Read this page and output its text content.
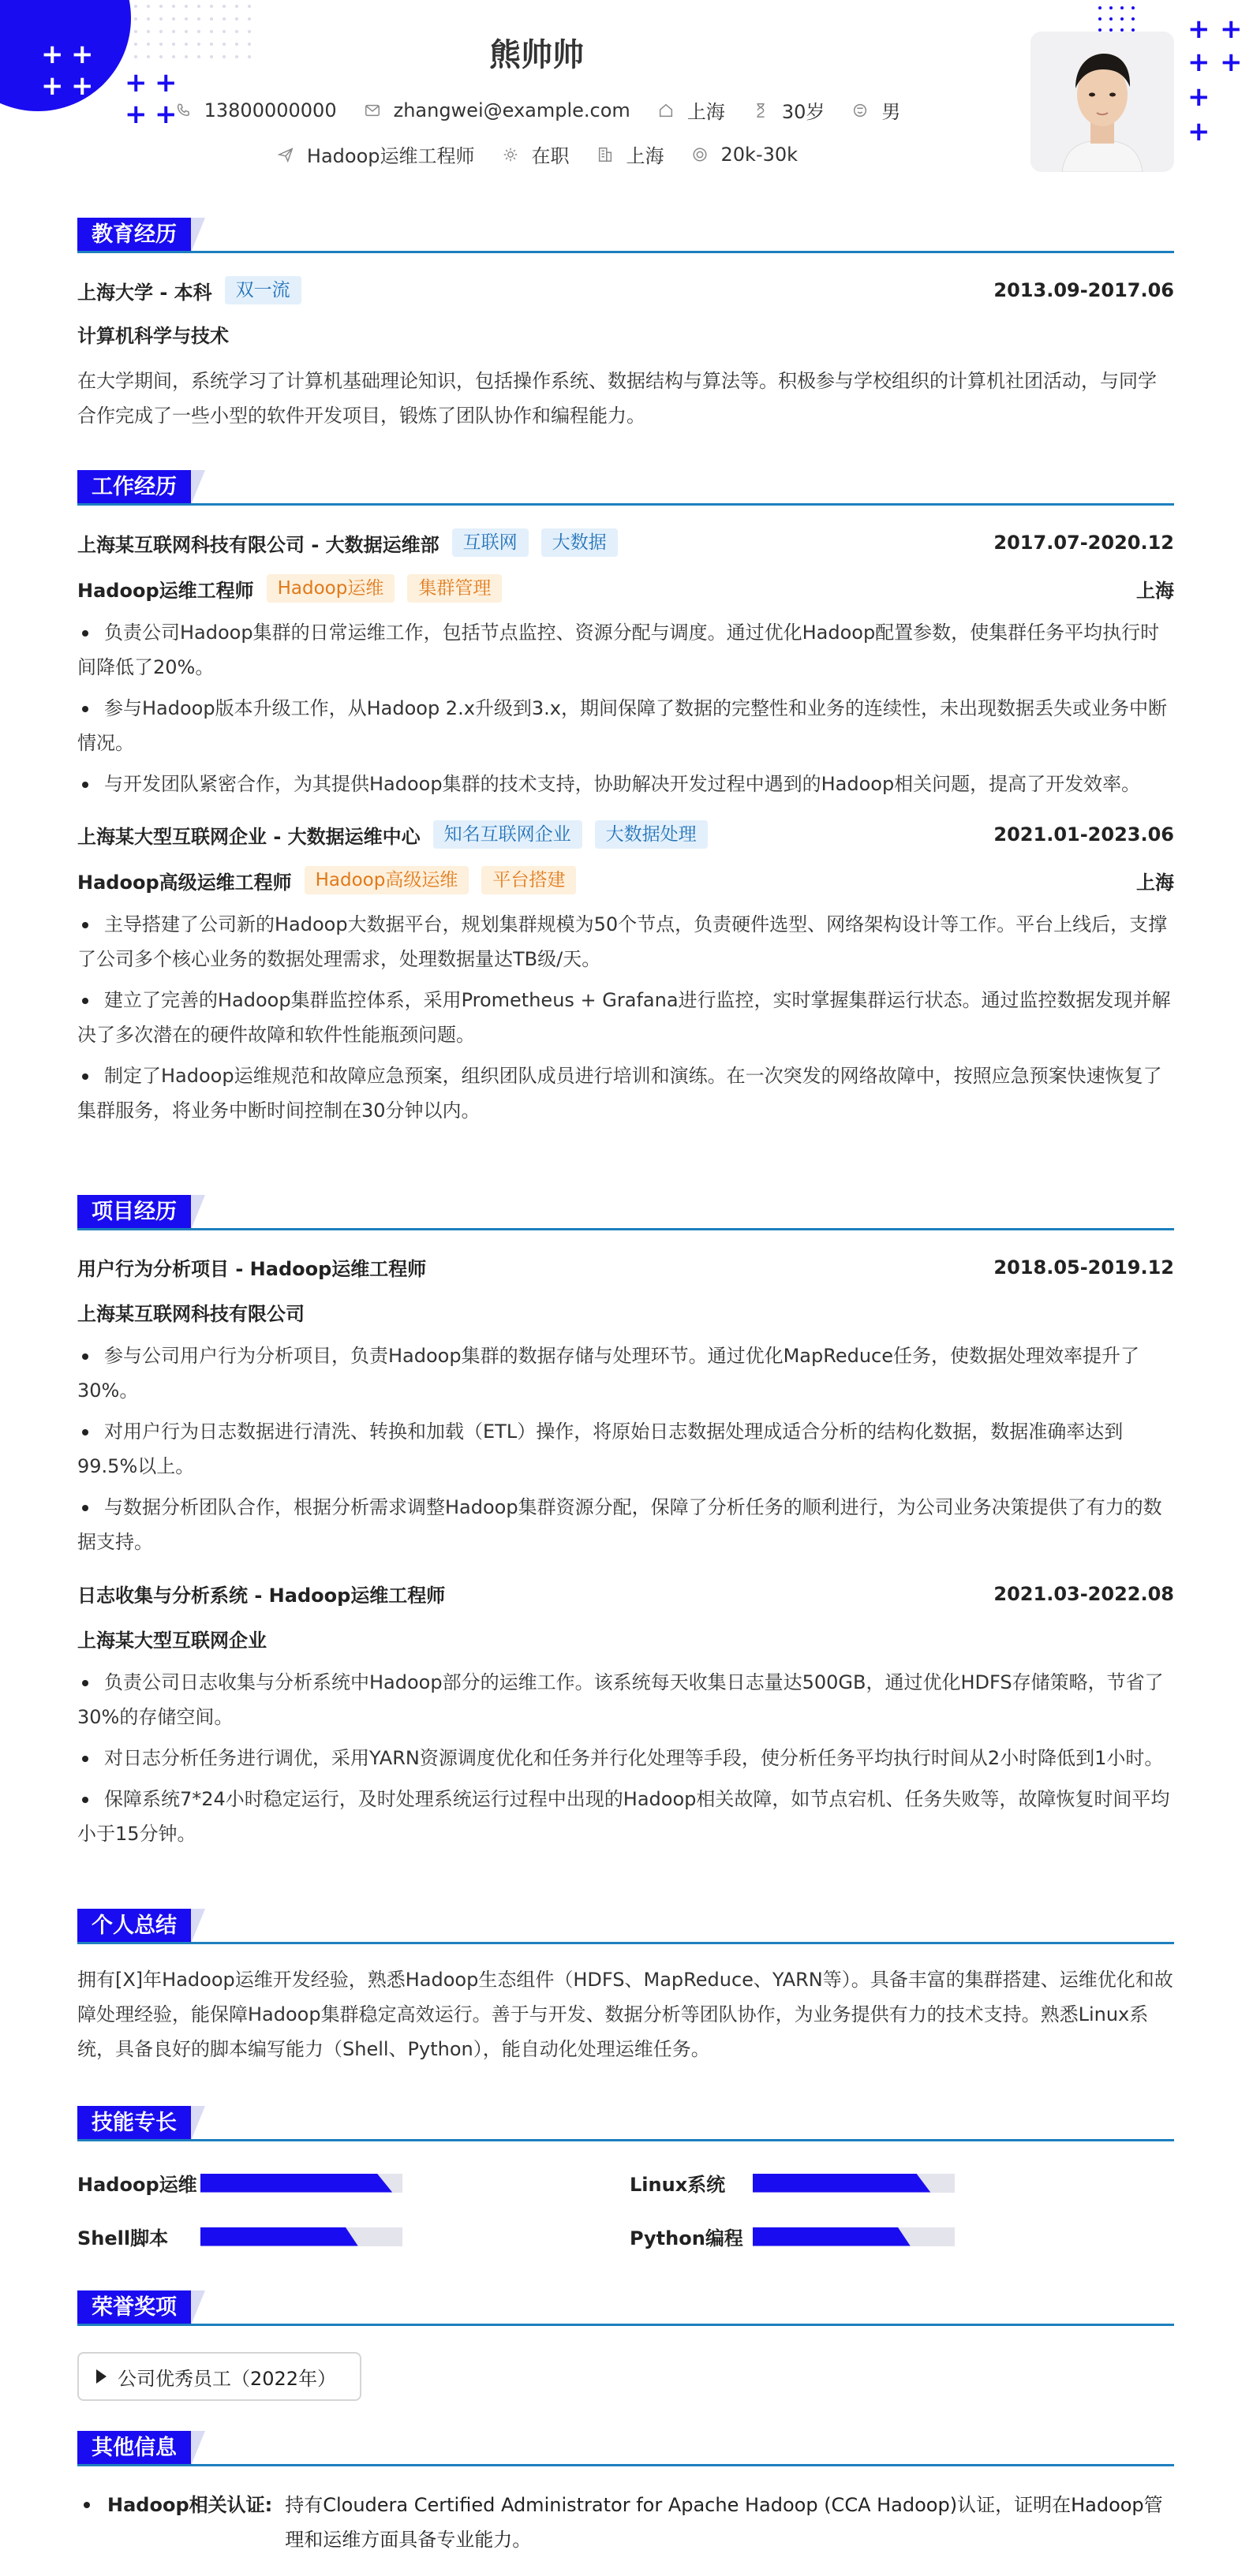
+ +
+ + + +
+ +
+ +
+ +
+
+
熊帅帅
13800000000	zhangwei@example.com	上海	30岁	男
Hadoop运维工程师	在职	上海	20k-30k
教育经历
上海大学 - 本科	双一流	2013.09-2017.06
计算机科学与技术
在大学期间，系统学习了计算机基础理论知识，包括操作系统、数据结构与算法等。积极参与学校组织的计算机社团活动，与同学合作完成了一些小型的软件开发项目，锻炼了团队协作和编程能力。
工作经历
上海某互联网科技有限公司 - 大数据运维部	互联网	大数据	2017.07-2020.12
Hadoop运维工程师	Hadoop运维	集群管理	上海
负责公司Hadoop集群的日常运维工作，包括节点监控、资源分配与调度。通过优化Hadoop配置参数，使集群任务平均执行时间降低了20%。
参与Hadoop版本升级工作，从Hadoop 2.x升级到3.x，期间保障了数据的完整性和业务的连续性，未出现数据丢失或业务中断情况。
与开发团队紧密合作，为其提供Hadoop集群的技术支持，协助解决开发过程中遇到的Hadoop相关问题，提高了开发效率。
上海某大型互联网企业 - 大数据运维中心	知名互联网企业	大数据处理	2021.01-2023.06
Hadoop高级运维工程师	Hadoop高级运维	平台搭建	上海
主导搭建了公司新的Hadoop大数据平台，规划集群规模为50个节点，负责硬件选型、网络架构设计等工作。平台上线后，支撑了公司多个核心业务的数据处理需求，处理数据量达TB级/天。
建立了完善的Hadoop集群监控体系，采用Prometheus + Grafana进行监控，实时掌握集群运行状态。通过监控数据发现并解决了多次潜在的硬件故障和软件性能瓶颈问题。
制定了Hadoop运维规范和故障应急预案，组织团队成员进行培训和演练。在一次突发的网络故障中，按照应急预案快速恢复了集群服务，将业务中断时间控制在30分钟以内。
项目经历
用户行为分析项目 - Hadoop运维工程师	2018.05-2019.12
上海某互联网科技有限公司
参与公司用户行为分析项目，负责Hadoop集群的数据存储与处理环节。通过优化MapReduce任务，使数据处理效率提升了30%。
对用户行为日志数据进行清洗、转换和加载（ETL）操作，将原始日志数据处理成适合分析的结构化数据，数据准确率达到99.5%以上。
与数据分析团队合作，根据分析需求调整Hadoop集群资源分配，保障了分析任务的顺利进行，为公司业务决策提供了有力的数据支持。
日志收集与分析系统 - Hadoop运维工程师	2021.03-2022.08
上海某大型互联网企业
负责公司日志收集与分析系统中Hadoop部分的运维工作。该系统每天收集日志量达500GB，通过优化HDFS存储策略，节省了30%的存储空间。
对日志分析任务进行调优，采用YARN资源调度优化和任务并行化处理等手段，使分析任务平均执行时间从2小时降低到1小时。
保障系统7*24小时稳定运行，及时处理系统运行过程中出现的Hadoop相关故障，如节点宕机、任务失败等，故障恢复时间平均小于15分钟。
个人总结
拥有[X]年Hadoop运维开发经验，熟悉Hadoop生态组件（HDFS、MapReduce、YARN等）。具备丰富的集群搭建、运维优化和故障处理经验，能保障Hadoop集群稳定高效运行。善于与开发、数据分析等团队协作，为业务提供有力的技术支持。熟悉Linux系统，具备良好的脚本编写能力（Shell、Python），能自动化处理运维任务。
技能专长
Hadoop运维	Linux系统
Shell脚本	Python编程
荣誉奖项
公司优秀员工（2022年）
其他信息
Hadoop相关认证: 持有Cloudera Certified Administrator for Apache Hadoop (CCA Hadoop)认证，证明在Hadoop管理和运维方面具备专业能力。
